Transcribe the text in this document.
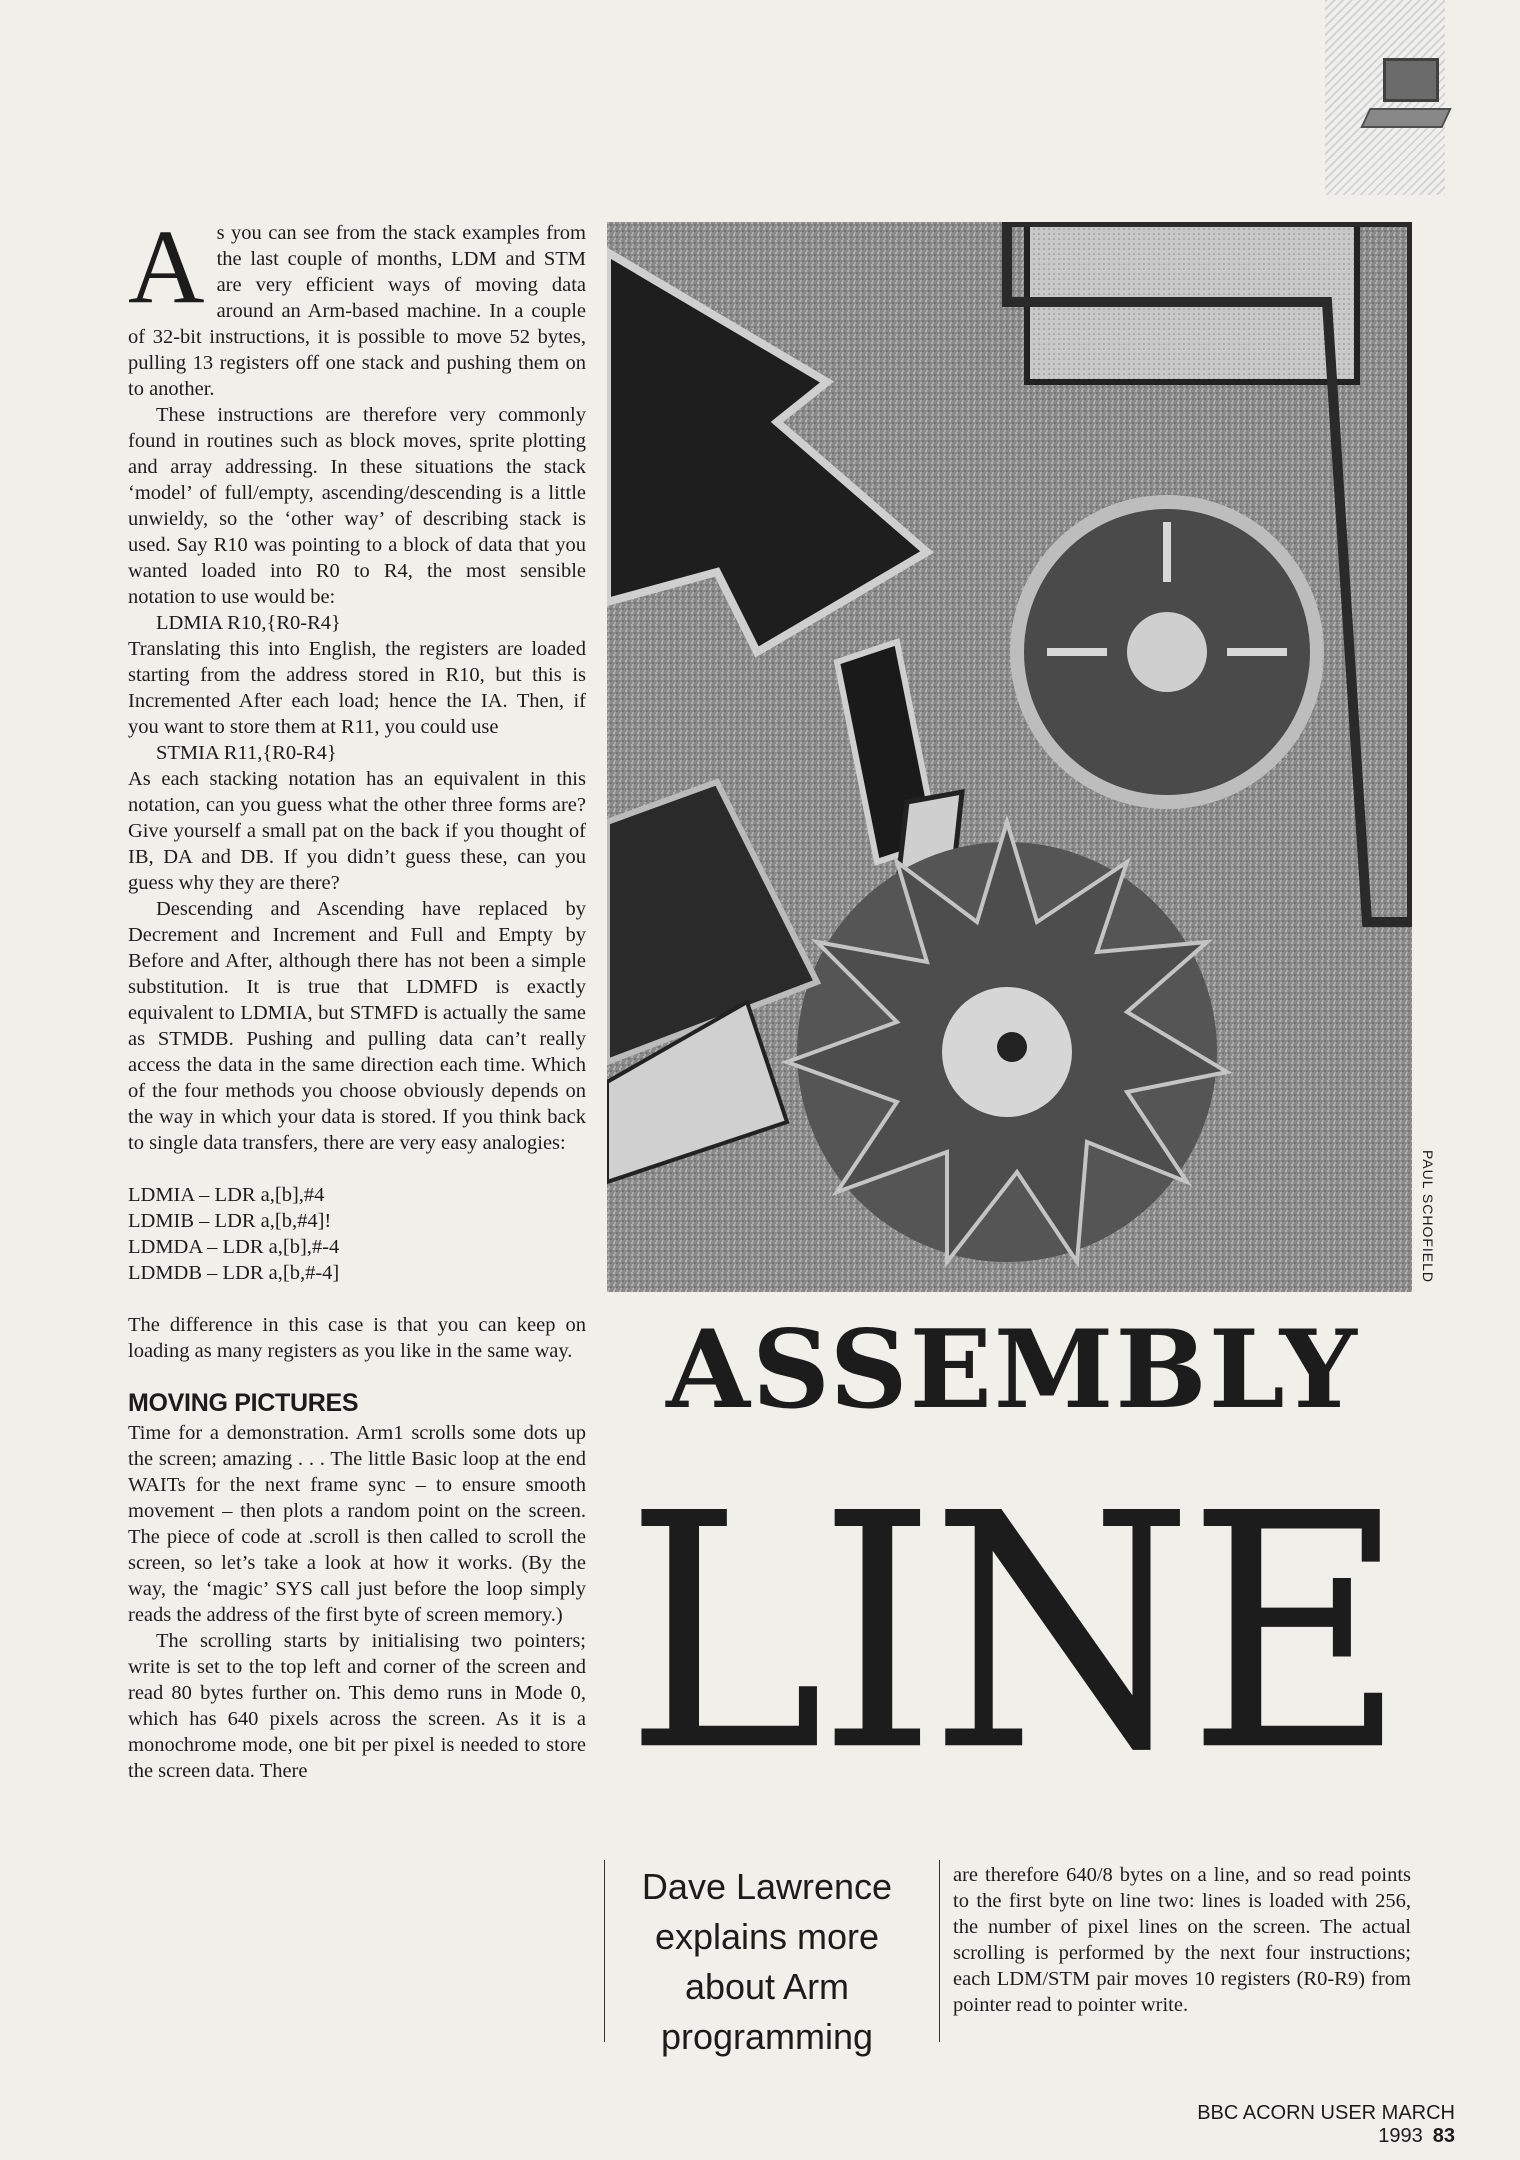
As you can see from the stack examples from the last couple of months, LDM and STM are very efficient ways of moving data around an Arm-based machine. In a couple of 32-bit instructions, it is possible to move 52 bytes, pulling 13 registers off one stack and pushing them on to another.

These instructions are therefore very commonly found in routines such as block moves, sprite plotting and array addressing. In these situations the stack ‘model’ of full/empty, ascending/descending is a little unwieldy, so the ‘other way’ of describing stack is used. Say R10 was pointing to a block of data that you wanted loaded into R0 to R4, the most sensible notation to use would be:

LDMIA R10,{R0-R4}

Translating this into English, the registers are loaded starting from the address stored in R10, but this is Incremented After each load; hence the IA. Then, if you want to store them at R11, you could use

STMIA R11,{R0-R4}

As each stacking notation has an equivalent in this notation, can you guess what the other three forms are? Give yourself a small pat on the back if you thought of IB, DA and DB. If you didn’t guess these, can you guess why they are there?

Descending and Ascending have replaced by Decrement and Increment and Full and Empty by Before and After, although there has not been a simple substitution. It is true that LDMFD is exactly equivalent to LDMIA, but STMFD is actually the same as STMDB. Pushing and pulling data can’t really access the data in the same direction each time. Which of the four methods you choose obviously depends on the way in which your data is stored. If you think back to single data transfers, there are very easy analogies:

LDMIA – LDR a,[b],#4
LDMIB – LDR a,[b,#4]!
LDMDA – LDR a,[b],#-4
LDMDB – LDR a,[b,#-4]

The difference in this case is that you can keep on loading as many registers as you like in the same way.

MOVING PICTURES

Time for a demonstration. Arm1 scrolls some dots up the screen; amazing . . . The little Basic loop at the end WAITs for the next frame sync – to ensure smooth movement – then plots a random point on the screen. The piece of code at .scroll is then called to scroll the screen, so let’s take a look at how it works. (By the way, the ‘magic’ SYS call just before the loop simply reads the address of the first byte of screen memory.)

The scrolling starts by initialising two pointers; write is set to the top left and corner of the screen and read 80 bytes further on. This demo runs in Mode 0, which has 640 pixels across the screen. As it is a monochrome mode, one bit per pixel is needed to store the screen data. There

PAUL SCHOFIELD
ASSEMBLY
LINE
Dave Lawrence explains more about Arm programming

are therefore 640/8 bytes on a line, and so read points to the first byte on line two: lines is loaded with 256, the number of pixel lines on the screen. The actual scrolling is performed by the next four instructions; each LDM/STM pair moves 10 registers (R0-R9) from pointer read to pointer write.

BBC ACORN USER MARCH 1993 83
